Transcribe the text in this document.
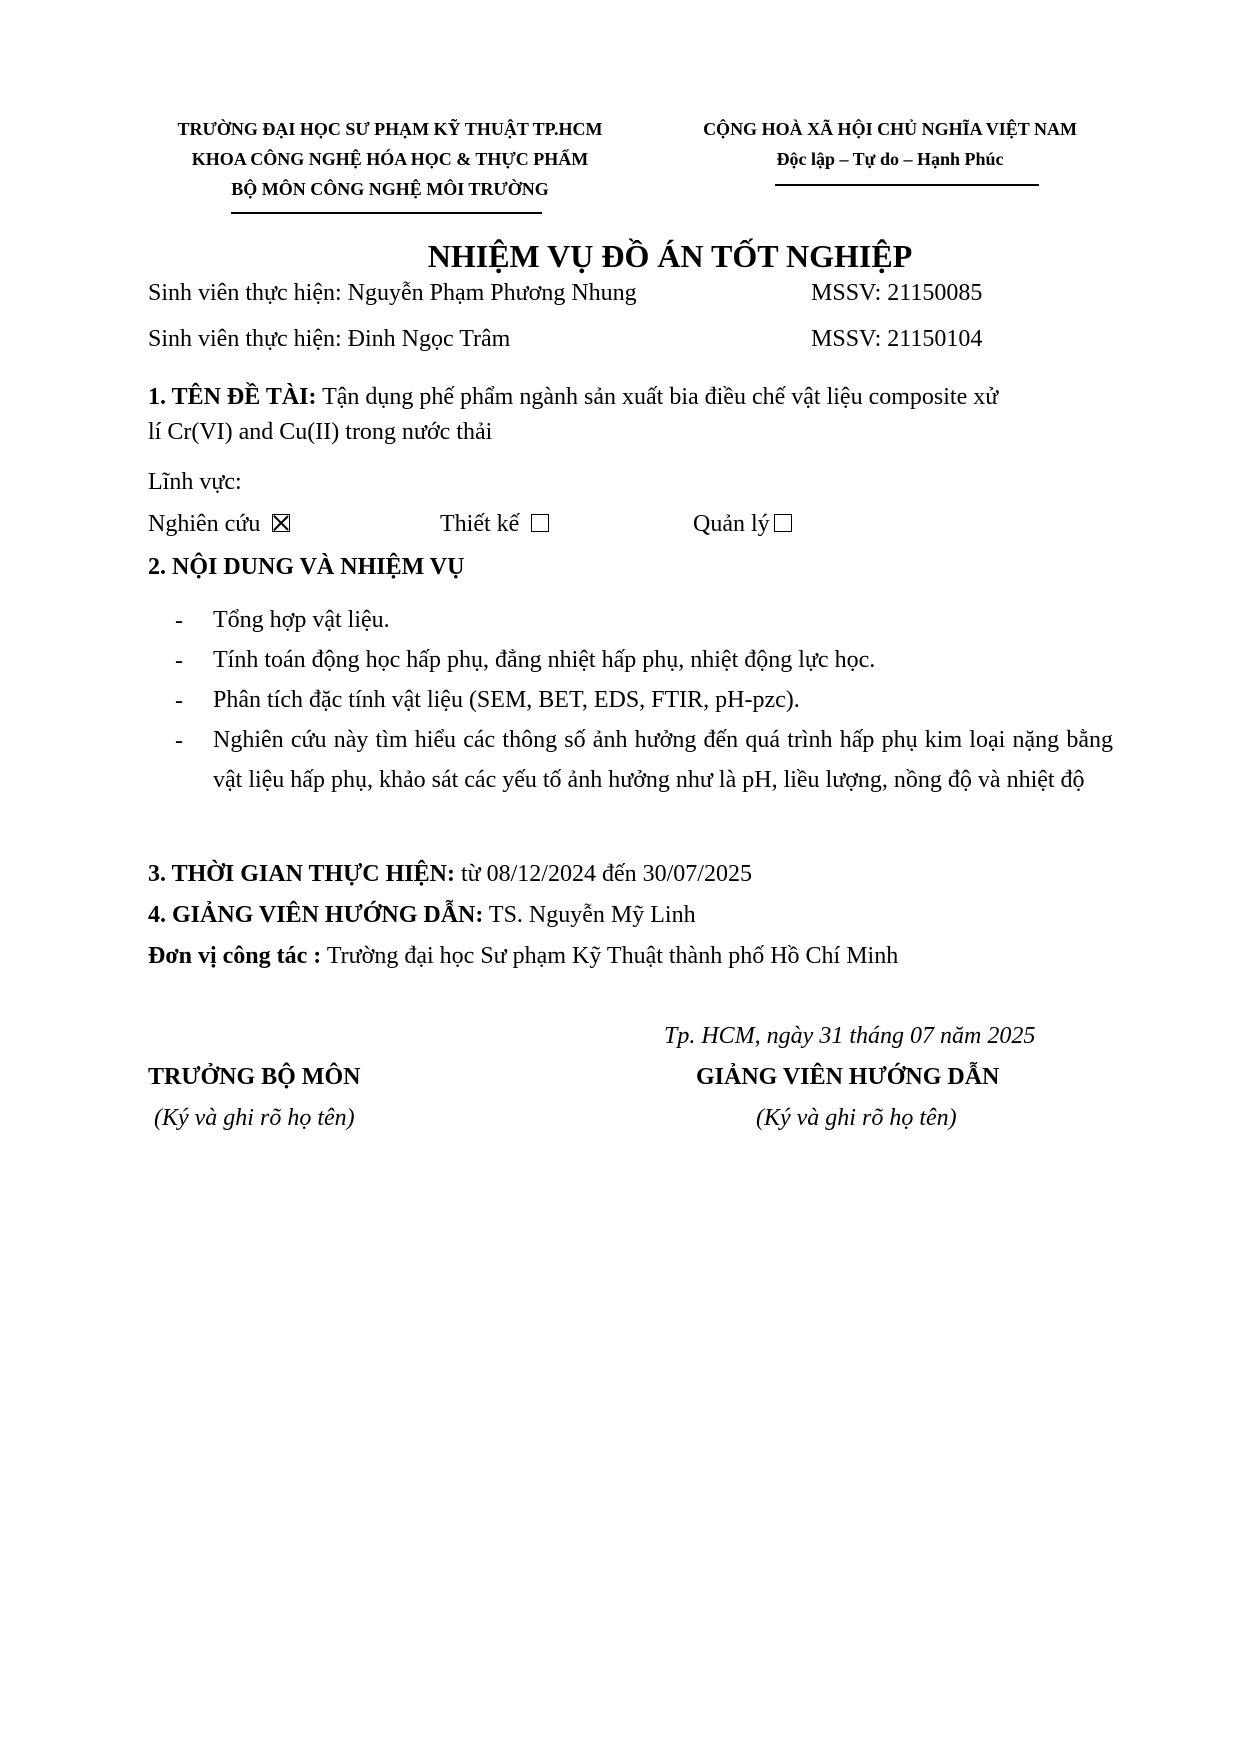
TRƯỜNG ĐẠI HỌC SƯ PHẠM KỸ THUẬT TP.HCM
KHOA CÔNG NGHỆ HÓA HỌC & THỰC PHẨM
BỘ MÔN CÔNG NGHỆ MÔI TRƯỜNG
CỘNG HOÀ XÃ HỘI CHỦ NGHĨA VIỆT NAM
Độc lập – Tự do – Hạnh Phúc
NHIỆM VỤ ĐỒ ÁN TỐT NGHIỆP
Sinh viên thực hiện: Nguyễn Phạm Phương Nhung	MSSV: 21150085
Sinh viên thực hiện: Đinh Ngọc Trâm	MSSV: 21150104
1. TÊN ĐỀ TÀI: Tận dụng phế phẩm ngành sản xuất bia điều chế vật liệu composite xử
lí Cr(VI) and Cu(II) trong nước thải
Lĩnh vực:
Nghiên cứu	Thiết kế	Quản lý
2. NỘI DUNG VÀ NHIỆM VỤ
- Tổng hợp vật liệu.
- Tính toán động học hấp phụ, đẳng nhiệt hấp phụ, nhiệt động lực học.
- Phân tích đặc tính vật liệu (SEM, BET, EDS, FTIR, pH-pzc).
- Nghiên cứu này tìm hiểu các thông số ảnh hưởng đến quá trình hấp phụ kim loại nặng bằng vật liệu hấp phụ, khảo sát các yếu tố ảnh hưởng như là pH, liều lượng, nồng độ và nhiệt độ
3. THỜI GIAN THỰC HIỆN: từ 08/12/2024 đến 30/07/2025
4. GIẢNG VIÊN HƯỚNG DẪN: TS. Nguyễn Mỹ Linh
Đơn vị công tác : Trường đại học Sư phạm Kỹ Thuật thành phố Hồ Chí Minh
Tp. HCM, ngày 31 tháng 07 năm 2025
TRƯỞNG BỘ MÔN
(Ký và ghi rõ họ tên)
GIẢNG VIÊN HƯỚNG DẪN
(Ký và ghi rõ họ tên)
